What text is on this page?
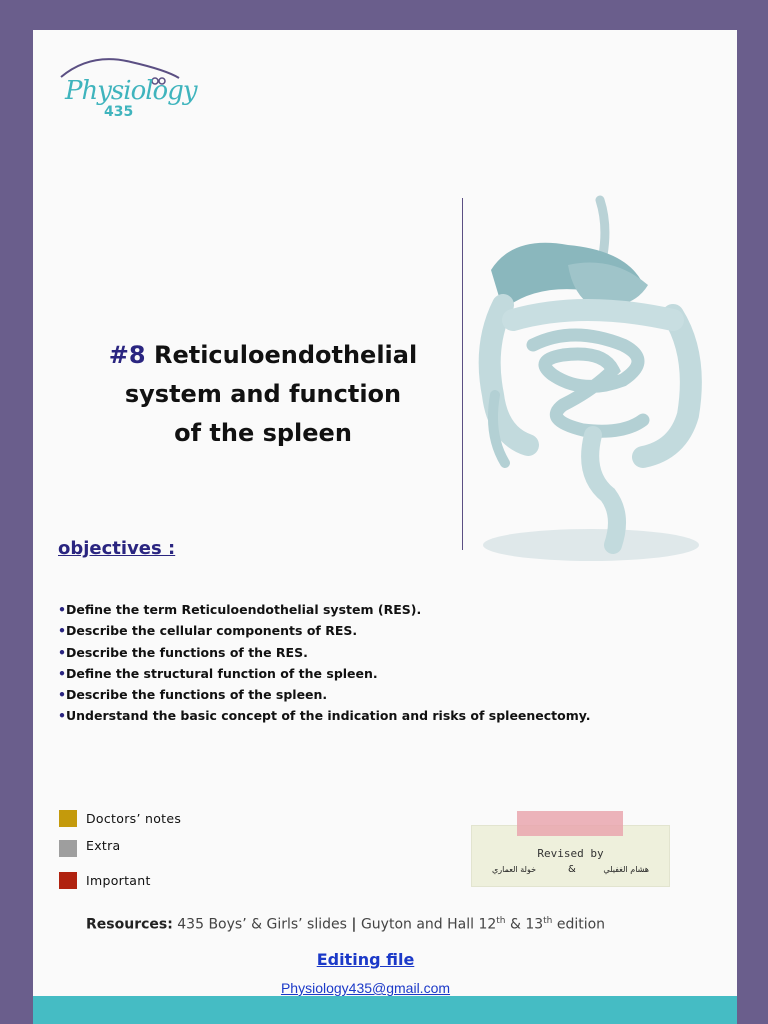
Physiology
435
#8 Reticuloendothelial
system and function
of the spleen
objectives :
• Define the term Reticuloendothelial system (RES).
• Describe the cellular components of RES.
• Describe the functions of the RES.
• Define the structural function of the spleen.
• Describe the functions of the spleen.
• Understand the basic concept of the indication and risks of spleenectomy.
Doctors’ notes
Extra
Important
Revised by
هشام الغفيلي
&
خولة العماري
Resources: 435 Boys’ & Girls’ slides | Guyton and Hall 12th & 13th edition
Editing file
Physiology435@gmail.com
